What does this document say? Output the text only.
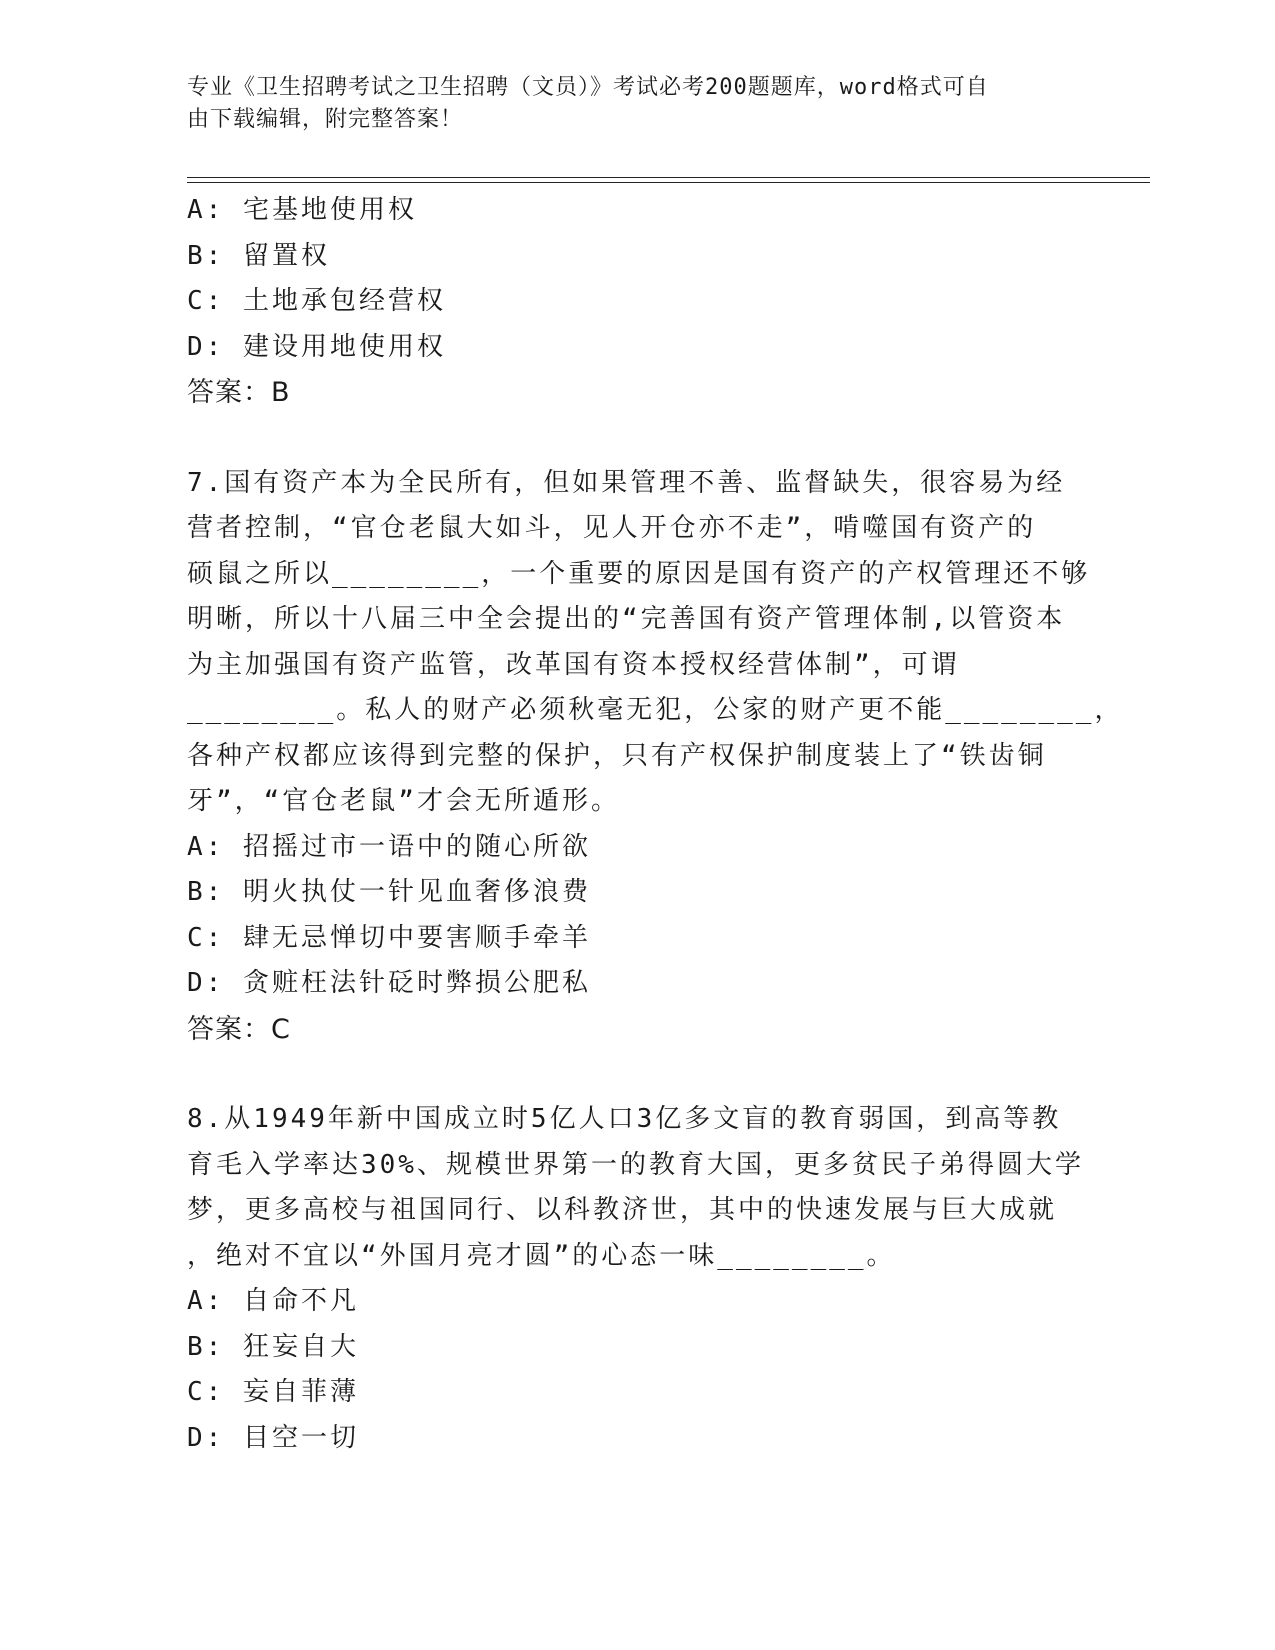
专业《卫生招聘考试之卫生招聘（文员）》考试必考200题题库，word格式可自
由下载编辑，附完整答案！
A: 宅基地使用权
B: 留置权
C: 土地承包经营权
D: 建设用地使用权
答案：B
7.国有资产本为全民所有，但如果管理不善、监督缺失，很容易为经
营者控制，“官仓老鼠大如斗，见人开仓亦不走”，啃噬国有资产的
硕鼠之所以________，一个重要的原因是国有资产的产权管理还不够
明晰，所以十八届三中全会提出的“完善国有资产管理体制,以管资本
为主加强国有资产监管，改革国有资本授权经营体制”，可谓
________。私人的财产必须秋毫无犯，公家的财产更不能________，
各种产权都应该得到完整的保护，只有产权保护制度装上了“铁齿铜
牙”，“官仓老鼠”才会无所遁形。
A: 招摇过市一语中的随心所欲
B: 明火执仗一针见血奢侈浪费
C: 肆无忌惮切中要害顺手牵羊
D: 贪赃枉法针砭时弊损公肥私
答案：C
8.从1949年新中国成立时5亿人口3亿多文盲的教育弱国，到高等教
育毛入学率达30%、规模世界第一的教育大国，更多贫民子弟得圆大学
梦，更多高校与祖国同行、以科教济世，其中的快速发展与巨大成就
，绝对不宜以“外国月亮才圆”的心态一味________。
A: 自命不凡
B: 狂妄自大
C: 妄自菲薄
D: 目空一切
